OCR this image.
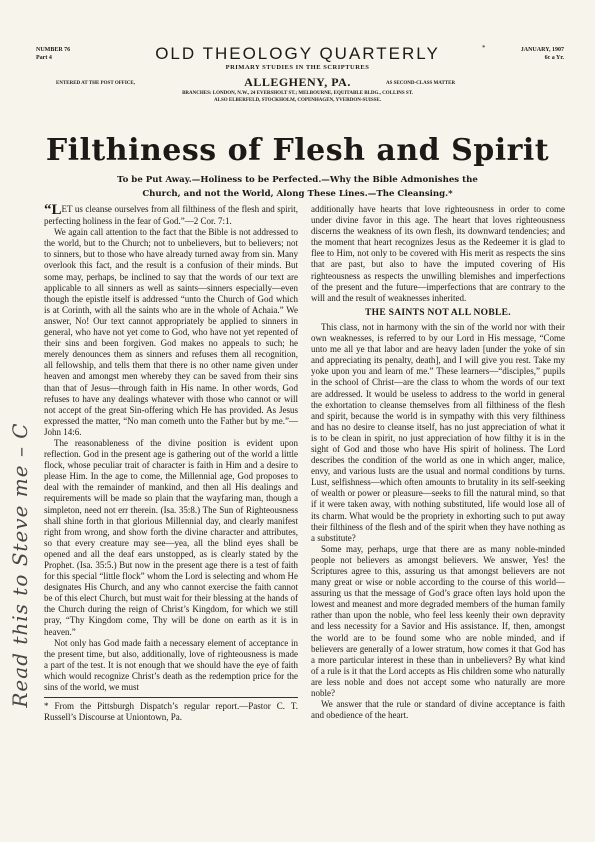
NUMBER 76
Part 4	OLD THEOLOGY QUARTERLY	*	JANUARY, 1907
6c a Yr.
PRIMARY STUDIES IN THE SCRIPTURES
ENTERED AT THE POST OFFICE,	ALLEGHENY, PA.	AS SECOND-CLASS MATTER
BRANCHES: LONDON, N.W., 24 EVERSHOLT ST.; MELBOURNE, EQUITABLE BLDG., COLLINS ST.
ALSO ELBERFELD, STOCKHOLM, COPENHAGEN, YVERDON-SUISSE.
Filthiness of Flesh and Spirit
To be Put Away.—Holiness to be Perfected.—Why the Bible Admonishes the
Church, and not the World, Along These Lines.—The Cleansing.*

“LET us cleanse ourselves from all filthiness of the flesh and spirit, perfecting holiness in the fear of God.”—2 Cor. 7:1.

We again call attention to the fact that the Bible is not addressed to the world, but to the Church; not to unbelievers, but to believers; not to sinners, but to those who have already turned away from sin. Many overlook this fact, and the result is a confusion of their minds. But some may, perhaps, be inclined to say that the words of our text are applicable to all sinners as well as saints—sinners especially—even though the epistle itself is addressed “unto the Church of God which is at Corinth, with all the saints who are in the whole of Achaia.” We answer, No! Our text cannot appropriately be applied to sinners in general, who have not yet come to God, who have not yet repented of their sins and been forgiven. God makes no appeals to such; he merely denounces them as sinners and refuses them all recognition, all fellowship, and tells them that there is no other name given under heaven and amongst men whereby they can be saved from their sins than that of Jesus—through faith in His name. In other words, God refuses to have any dealings whatever with those who cannot or will not accept of the great Sin-offering which He has provided. As Jesus expressed the matter, “No man cometh unto the Father but by me.”—John 14:6.

The reasonableness of the divine position is evident upon reflection. God in the present age is gathering out of the world a little flock, whose peculiar trait of character is faith in Him and a desire to please Him. In the age to come, the Millennial age, God proposes to deal with the remainder of mankind, and then all His dealings and requirements will be made so plain that the wayfaring man, though a simpleton, need not err therein. (Isa. 35:8.) The Sun of Righteousness shall shine forth in that glorious Millennial day, and clearly manifest right from wrong, and show forth the divine character and attributes, so that every creature may see—yea, all the blind eyes shall be opened and all the deaf ears unstopped, as is clearly stated by the Prophet. (Isa. 35:5.) But now in the present age there is a test of faith for this special “little flock” whom the Lord is selecting and whom He designates His Church, and any who cannot exercise the faith cannot be of this elect Church, but must wait for their blessing at the hands of the Church during the reign of Christ’s Kingdom, for which we still pray, “Thy Kingdom come, Thy will be done on earth as it is in heaven.”

Not only has God made faith a necessary element of acceptance in the present time, but also, additionally, love of righteousness is made a part of the test. It is not enough that we should have the eye of faith which would recognize Christ’s death as the redemption price for the sins of the world, we must

* From the Pittsburgh Dispatch’s regular report.—Pastor C. T. Russell’s Discourse at Uniontown, Pa.

additionally have hearts that love righteousness in order to come under divine favor in this age. The heart that loves righteousness discerns the weakness of its own flesh, its downward tendencies; and the moment that heart recognizes Jesus as the Redeemer it is glad to flee to Him, not only to be covered with His merit as respects the sins that are past, but also to have the imputed covering of His righteousness as respects the unwilling blemishes and imperfections of the present and the future—imperfections that are contrary to the will and the result of weaknesses inherited.

THE SAINTS NOT ALL NOBLE.

This class, not in harmony with the sin of the world nor with their own weaknesses, is referred to by our Lord in His message, “Come unto me all ye that labor and are heavy laden [under the yoke of sin and appreciating its penalty, death], and I will give you rest. Take my yoke upon you and learn of me.” These learners—“disciples,” pupils in the school of Christ—are the class to whom the words of our text are addressed. It would be useless to address to the world in general the exhortation to cleanse themselves from all filthiness of the flesh and spirit, because the world is in sympathy with this very filthiness and has no desire to cleanse itself, has no just appreciation of what it is to be clean in spirit, no just appreciation of how filthy it is in the sight of God and those who have His spirit of holiness. The Lord describes the condition of the world as one in which anger, malice, envy, and various lusts are the usual and normal conditions by turns. Lust, selfishness—which often amounts to brutality in its self-seeking of wealth or power or pleasure—seeks to fill the natural mind, so that if it were taken away, with nothing substituted, life would lose all of its charm. What would be the propriety in exhorting such to put away their filthiness of the flesh and of the spirit when they have nothing as a substitute?

Some may, perhaps, urge that there are as many noble-minded people not believers as amongst believers. We answer, Yes! the Scriptures agree to this, assuring us that amongst believers are not many great or wise or noble according to the course of this world—assuring us that the message of God’s grace often lays hold upon the lowest and meanest and more degraded members of the human family rather than upon the noble, who feel less keenly their own depravity and less necessity for a Savior and His assistance. If, then, amongst the world are to be found some who are noble minded, and if believers are generally of a lower stratum, how comes it that God has a more particular interest in these than in unbelievers? By what kind of a rule is it that the Lord accepts as His children some who naturally are less noble and does not accept some who naturally are more noble?

We answer that the rule or standard of divine acceptance is faith and obedience of the heart.

Read this to Steve me – C
